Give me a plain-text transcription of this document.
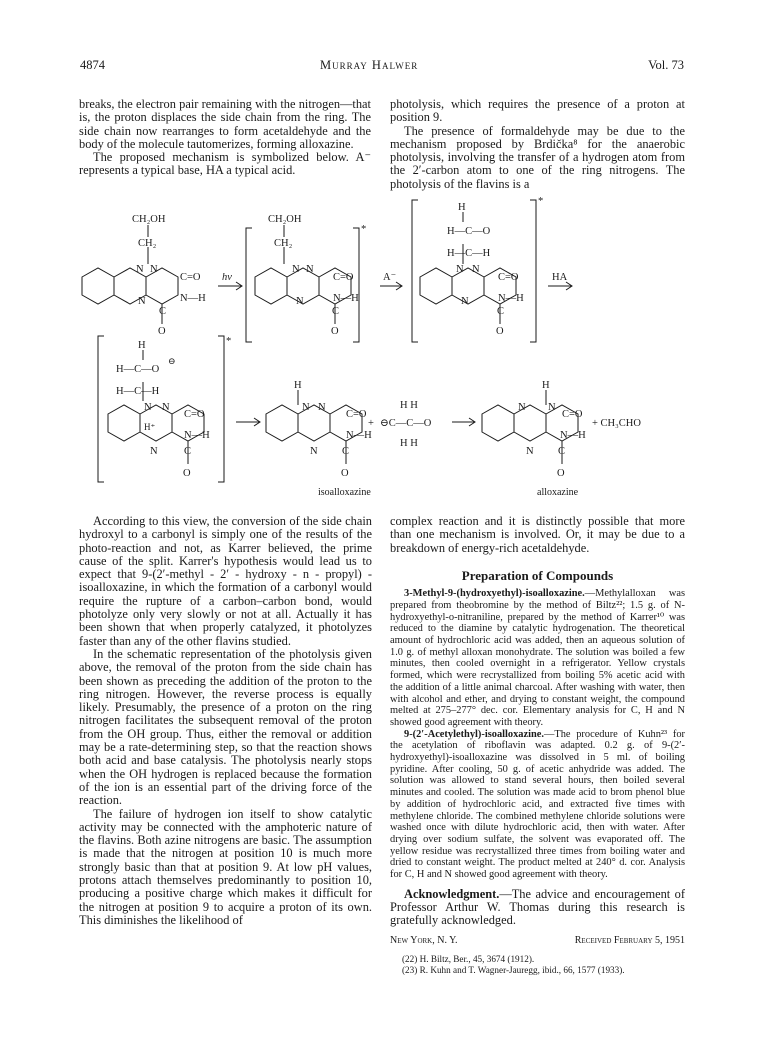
4874	Murray Halwer	Vol. 73

breaks, the electron pair remaining with the nitrogen—that is, the proton displaces the side chain from the ring. The side chain now rearranges to form acetaldehyde and the body of the molecule tautomerizes, forming alloxazine.

The proposed mechanism is symbolized below. A⁻ represents a typical base, HA a typical acid.

photolysis, which requires the presence of a proton at position 9.

The presence of formaldehyde may be due to the mechanism proposed by Brdička⁸ for the anaerobic photolysis, involving the transfer of a hydrogen atom from the 2′-carbon atom to one of the ring nitrogens. The photolysis of the flavins is a

CH₂OH
CH₂
N N
C=O
N—H
N
C
O
hν
CH₂OH
CH₂
N N
C=O
N—H
N
C
O
*
A⁻
H
H—C—O
H—C—H
N N
C=O
N—H
N
C
O
*
HA
H
H—C—O
⊖
H—C—H
N N
C=O
H⁺
N—H
N	C
O
*
H
N N
C=O
N—H
N C
O
isoalloxazine
+
H H
⊖C—C—O
H H
H
N N
C=O
N—H
N C
O
alloxazine
+ CH₃CHO

According to this view, the conversion of the side chain hydroxyl to a carbonyl is simply one of the results of the photo-reaction and not, as Karrer believed, the prime cause of the split. Karrer's hypothesis would lead us to expect that 9-(2′-methyl - 2′ - hydroxy - n - propyl) - isoalloxazine, in which the formation of a carbonyl would require the rupture of a carbon–carbon bond, would photolyze only very slowly or not at all. Actually it has been shown that when properly catalyzed, it photolyzes faster than any of the other flavins studied.

In the schematic representation of the photolysis given above, the removal of the proton from the side chain has been shown as preceding the addition of the proton to the ring nitrogen. However, the reverse process is equally likely. Presumably, the presence of a proton on the ring nitrogen facilitates the subsequent removal of the proton from the OH group. Thus, either the removal or addition may be a rate-determining step, so that the reaction shows both acid and base catalysis. The photolysis nearly stops when the OH hydrogen is replaced because the formation of the ion is an essential part of the driving force of the reaction.

The failure of hydrogen ion itself to show catalytic activity may be connected with the amphoteric nature of the flavins. Both azine nitrogens are basic. The assumption is made that the nitrogen at position 10 is much more strongly basic than that at position 9. At low pH values, protons attach themselves predominantly to position 10, producing a positive charge which makes it difficult for the nitrogen at position 9 to acquire a proton of its own. This diminishes the likelihood of

complex reaction and it is distinctly possible that more than one mechanism is involved. Or, it may be due to a breakdown of energy-rich acetaldehyde.

Preparation of Compounds

3-Methyl-9-(hydroxyethyl)-isoalloxazine.—Methylalloxan was prepared from theobromine by the method of Biltz²²; 1.5 g. of N-hydroxyethyl-o-nitraniline, prepared by the method of Karrer¹⁰ was reduced to the diamine by catalytic hydrogenation. The theoretical amount of hydrochloric acid was added, then an aqueous solution of 1.0 g. of methyl alloxan monohydrate. The solution was boiled a few minutes, then cooled overnight in a refrigerator. Yellow crystals formed, which were recrystallized from boiling 5% acetic acid with the addition of a little animal charcoal. After washing with water, then with alcohol and ether, and drying to constant weight, the compound melted at 275–277° dec. cor. Elementary analysis for C, H and N showed good agreement with theory.

9-(2′-Acetylethyl)-isoalloxazine.—The procedure of Kuhn²³ for the acetylation of riboflavin was adapted. 0.2 g. of 9-(2′-hydroxyethyl)-isoalloxazine was dissolved in 5 ml. of boiling pyridine. After cooling, 50 g. of acetic anhydride was added. The solution was allowed to stand several hours, then boiled several minutes and cooled. The solution was made acid to brom phenol blue by addition of hydrochloric acid, and extracted five times with methylene chloride. The combined methylene chloride solutions were washed once with dilute hydrochloric acid, then with water. After drying over sodium sulfate, the solvent was evaporated off. The yellow residue was recrystallized three times from boiling water and dried to constant weight. The product melted at 240° d. cor. Analysis for C, H and N showed good agreement with theory.

Acknowledgment.—The advice and encouragement of Professor Arthur W. Thomas during this research is gratefully acknowledged.

New York, N. Y.	Received February 5, 1951
(22) H. Biltz, Ber., 45, 3674 (1912).
(23) R. Kuhn and T. Wagner-Jauregg, ibid., 66, 1577 (1933).
